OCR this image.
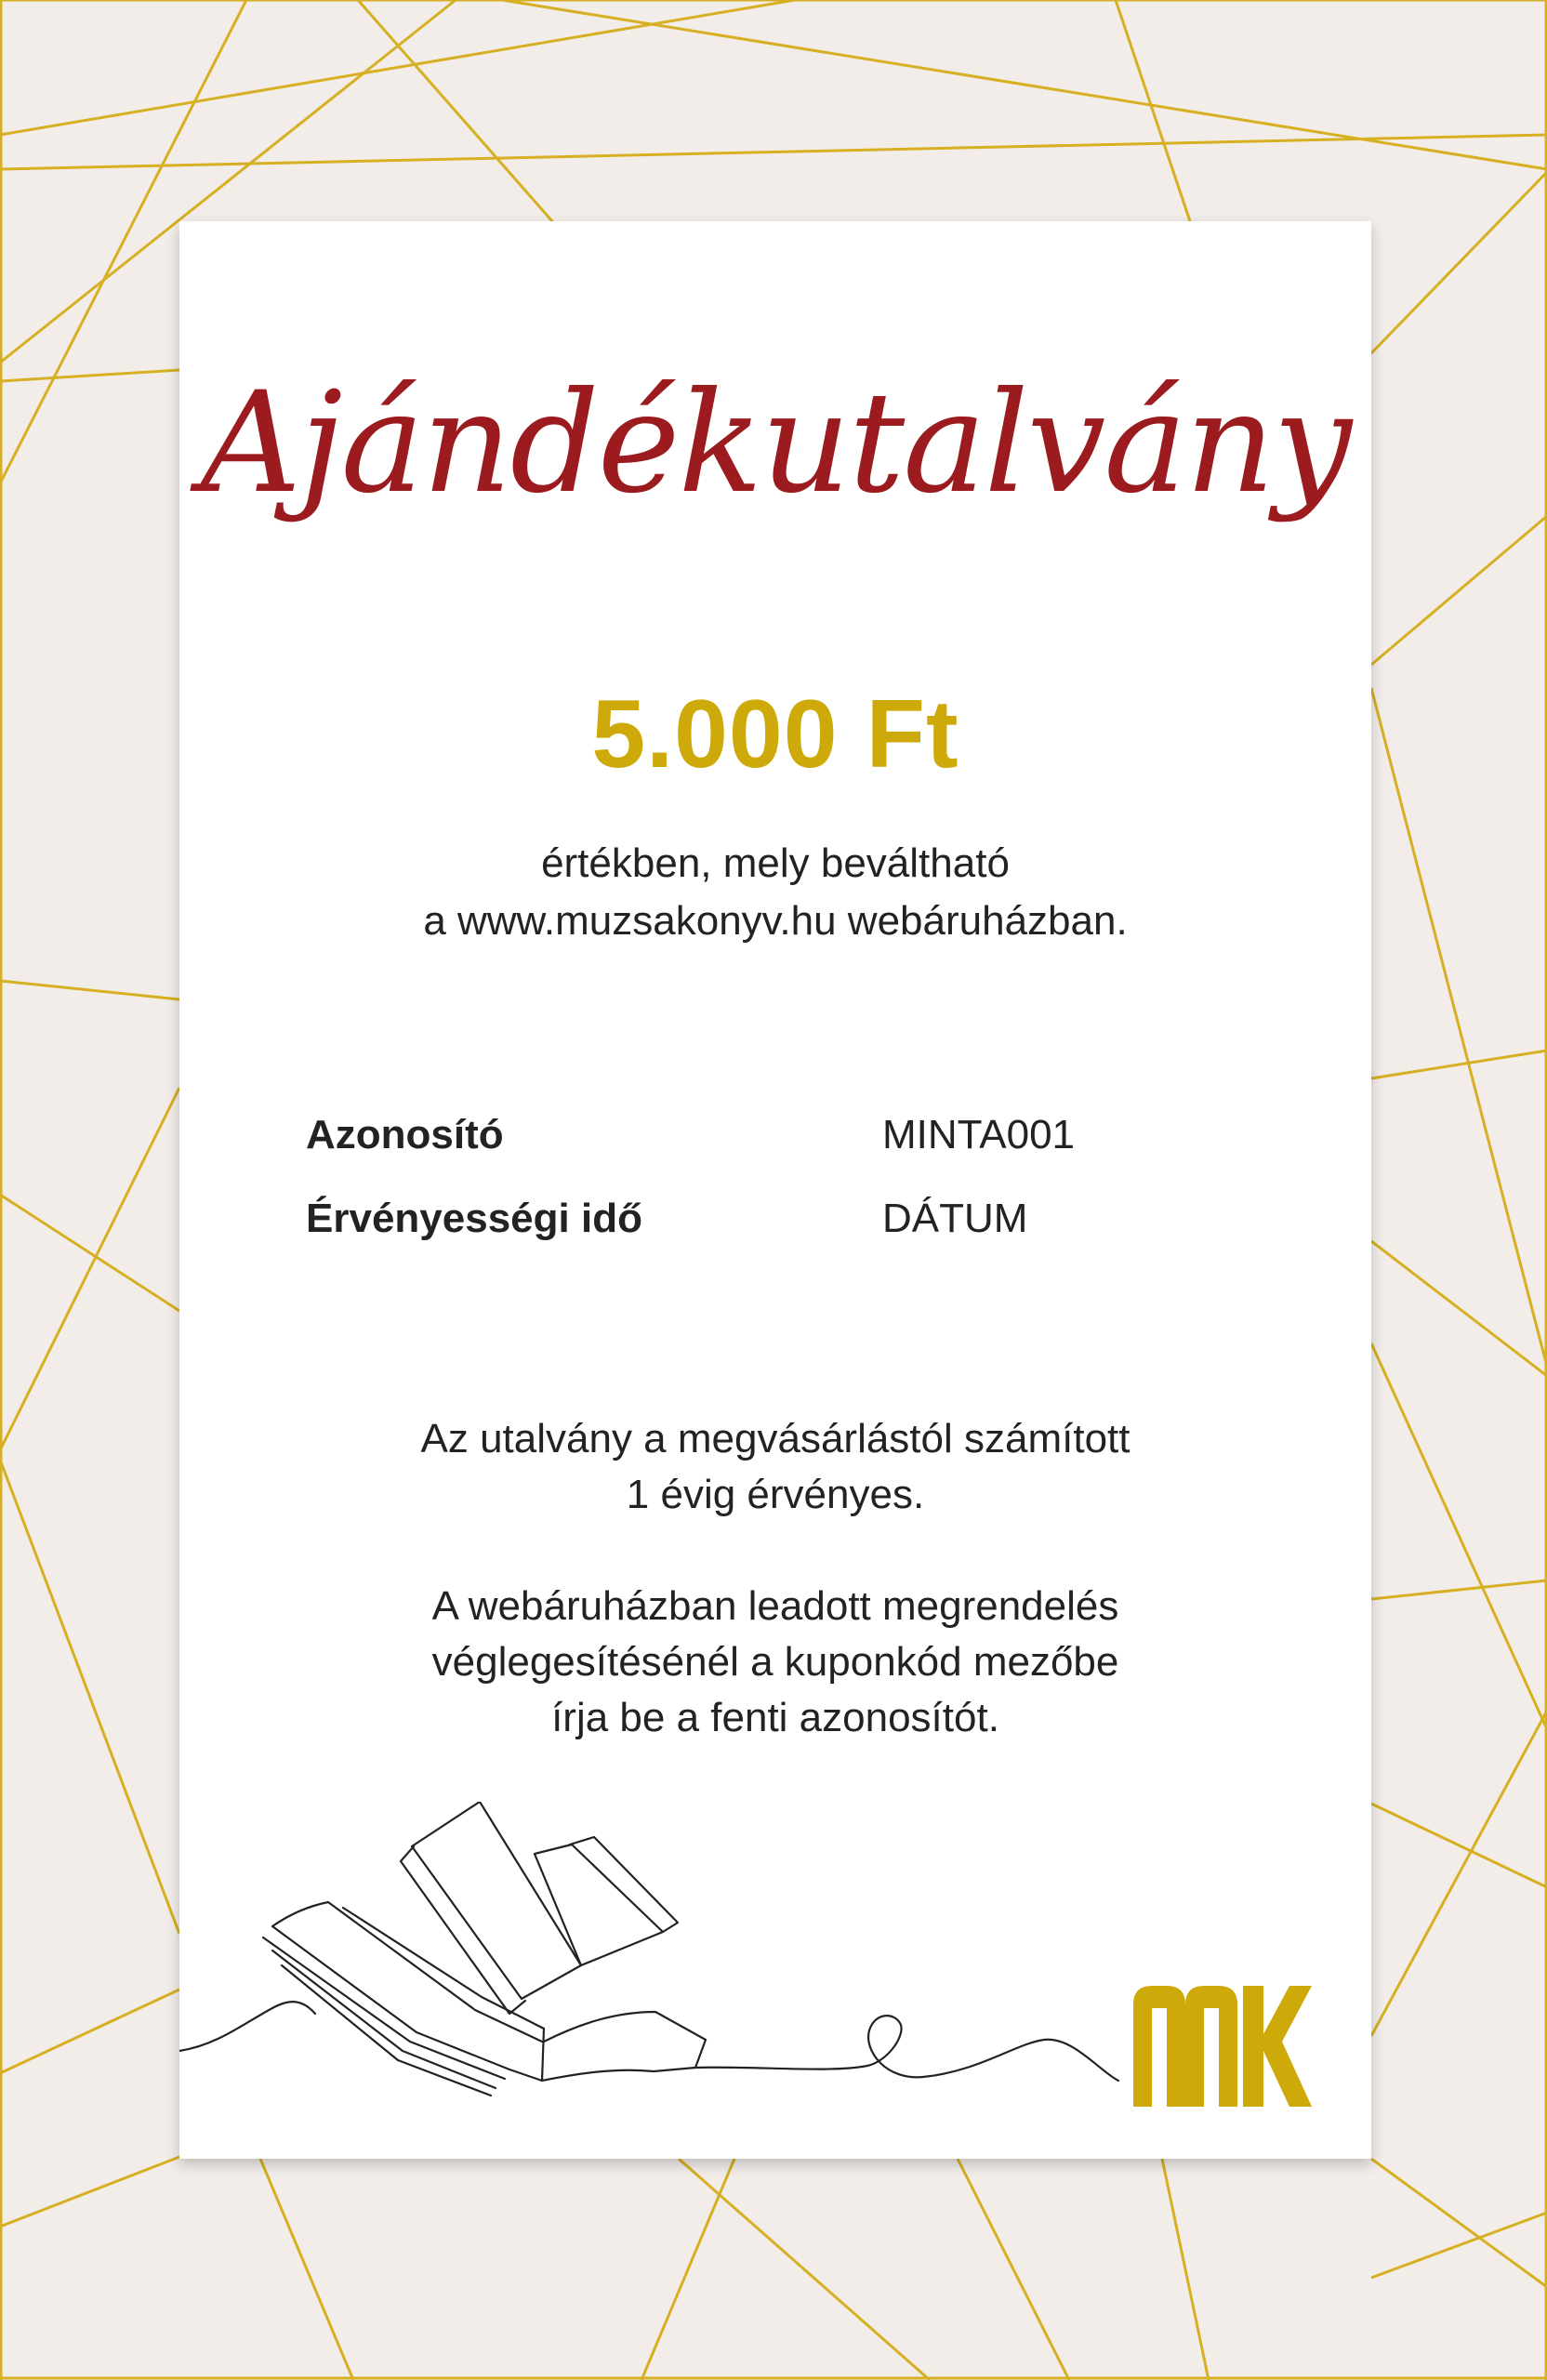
Ajándékutalvány
5.000 Ft
értékben, mely beváltható
a www.muzsakonyv.hu webáruházban.
Azonosító	MINTA001
Érvényességi idő	DÁTUM
Az utalvány a megvásárlástól számított
1 évig érvényes.
A webáruházban leadott megrendelés
véglegesítésénél a kuponkód mezőbe
írja be a fenti azonosítót.
